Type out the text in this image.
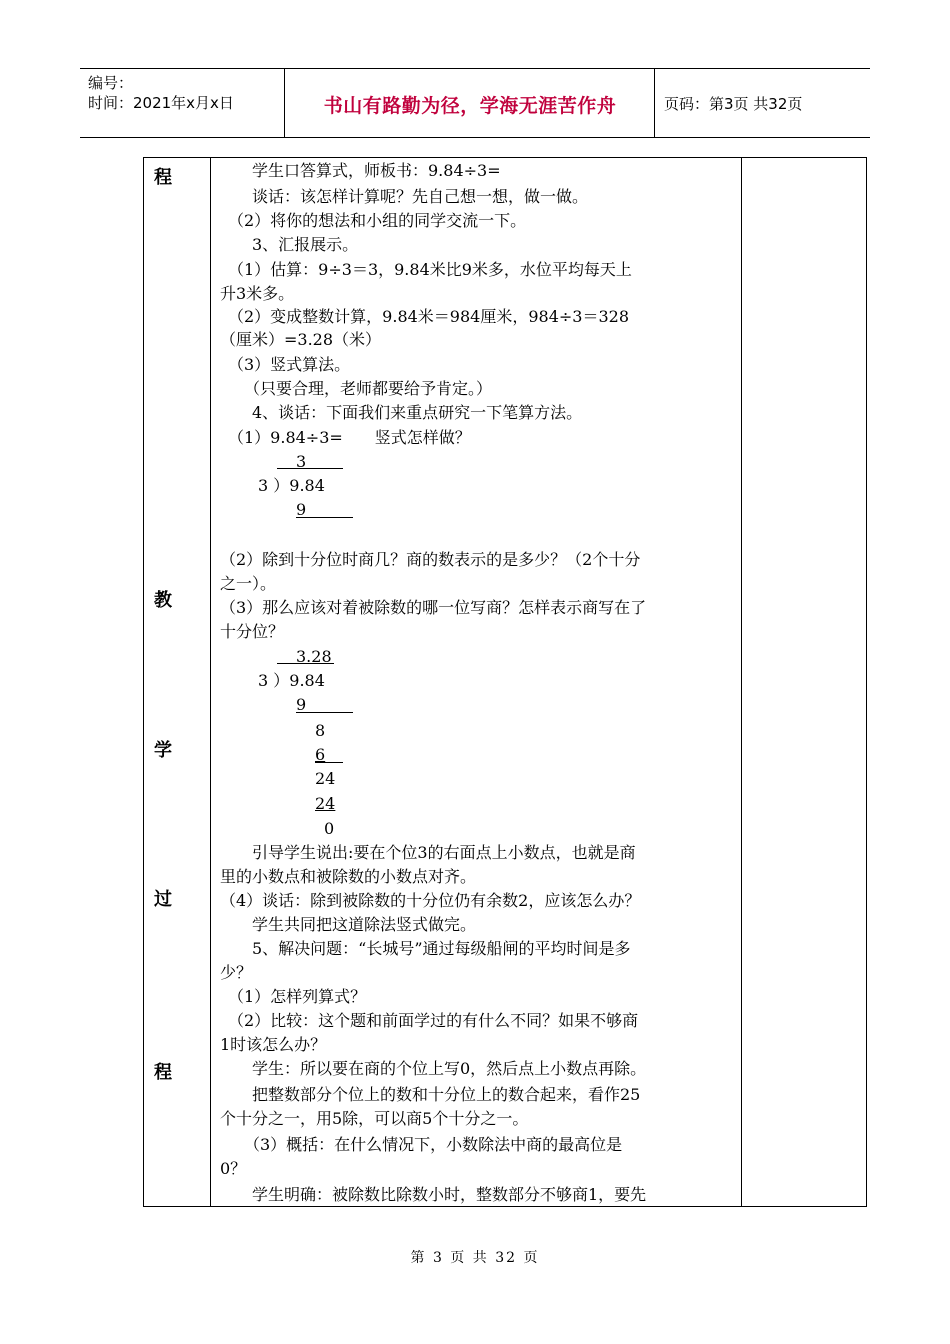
编号：
时间：2021年x月x日	书山有路勤为径，学海无涯苦作舟	页码：第3页 共32页
程
教
学
过
程
　　学生口答算式，师板书：9.84÷3=
　　谈话：该怎样计算呢？先自己想一想，做一做。
　（2）将你的想法和小组的同学交流一下。
　　3、汇报展示。
　（1）估算：9÷3＝3，9.84米比9米多，水位平均每天上
升3米多。
　（2）变成整数计算，9.84米＝984厘米，984÷3＝328
（厘米）=3.28（米）
　（3）竖式算法。
　　（只要合理，老师都要给予肯定。）
　　4、谈话：下面我们来重点研究一下笔算方法。
　（1）9.84÷3=　　竖式怎样做？
3
3 ）9.84
9
（2）除到十分位时商几？商的数表示的是多少？（2个十分
之一）。
（3）那么应该对着被除数的哪一位写商？怎样表示商写在了
十分位？
3.28
3 ）9.84
9
8
6
24
24
0
　　引导学生说出:要在个位3的右面点上小数点，也就是商
里的小数点和被除数的小数点对齐。
（4）谈话：除到被除数的十分位仍有余数2，应该怎么办？
　　学生共同把这道除法竖式做完。
　　5、解决问题：“长城号”通过每级船闸的平均时间是多
少？
　（1）怎样列算式？
　（2）比较：这个题和前面学过的有什么不同？如果不够商
1时该怎么办？
　　学生：所以要在商的个位上写0，然后点上小数点再除。
　　把整数部分个位上的数和十分位上的数合起来，看作25
个十分之一，用5除，可以商5个十分之一。
　　（3）概括：在什么情况下，小数除法中商的最高位是
0？
　　学生明确：被除数比除数小时，整数部分不够商1，要先
第 3 页 共 32 页
